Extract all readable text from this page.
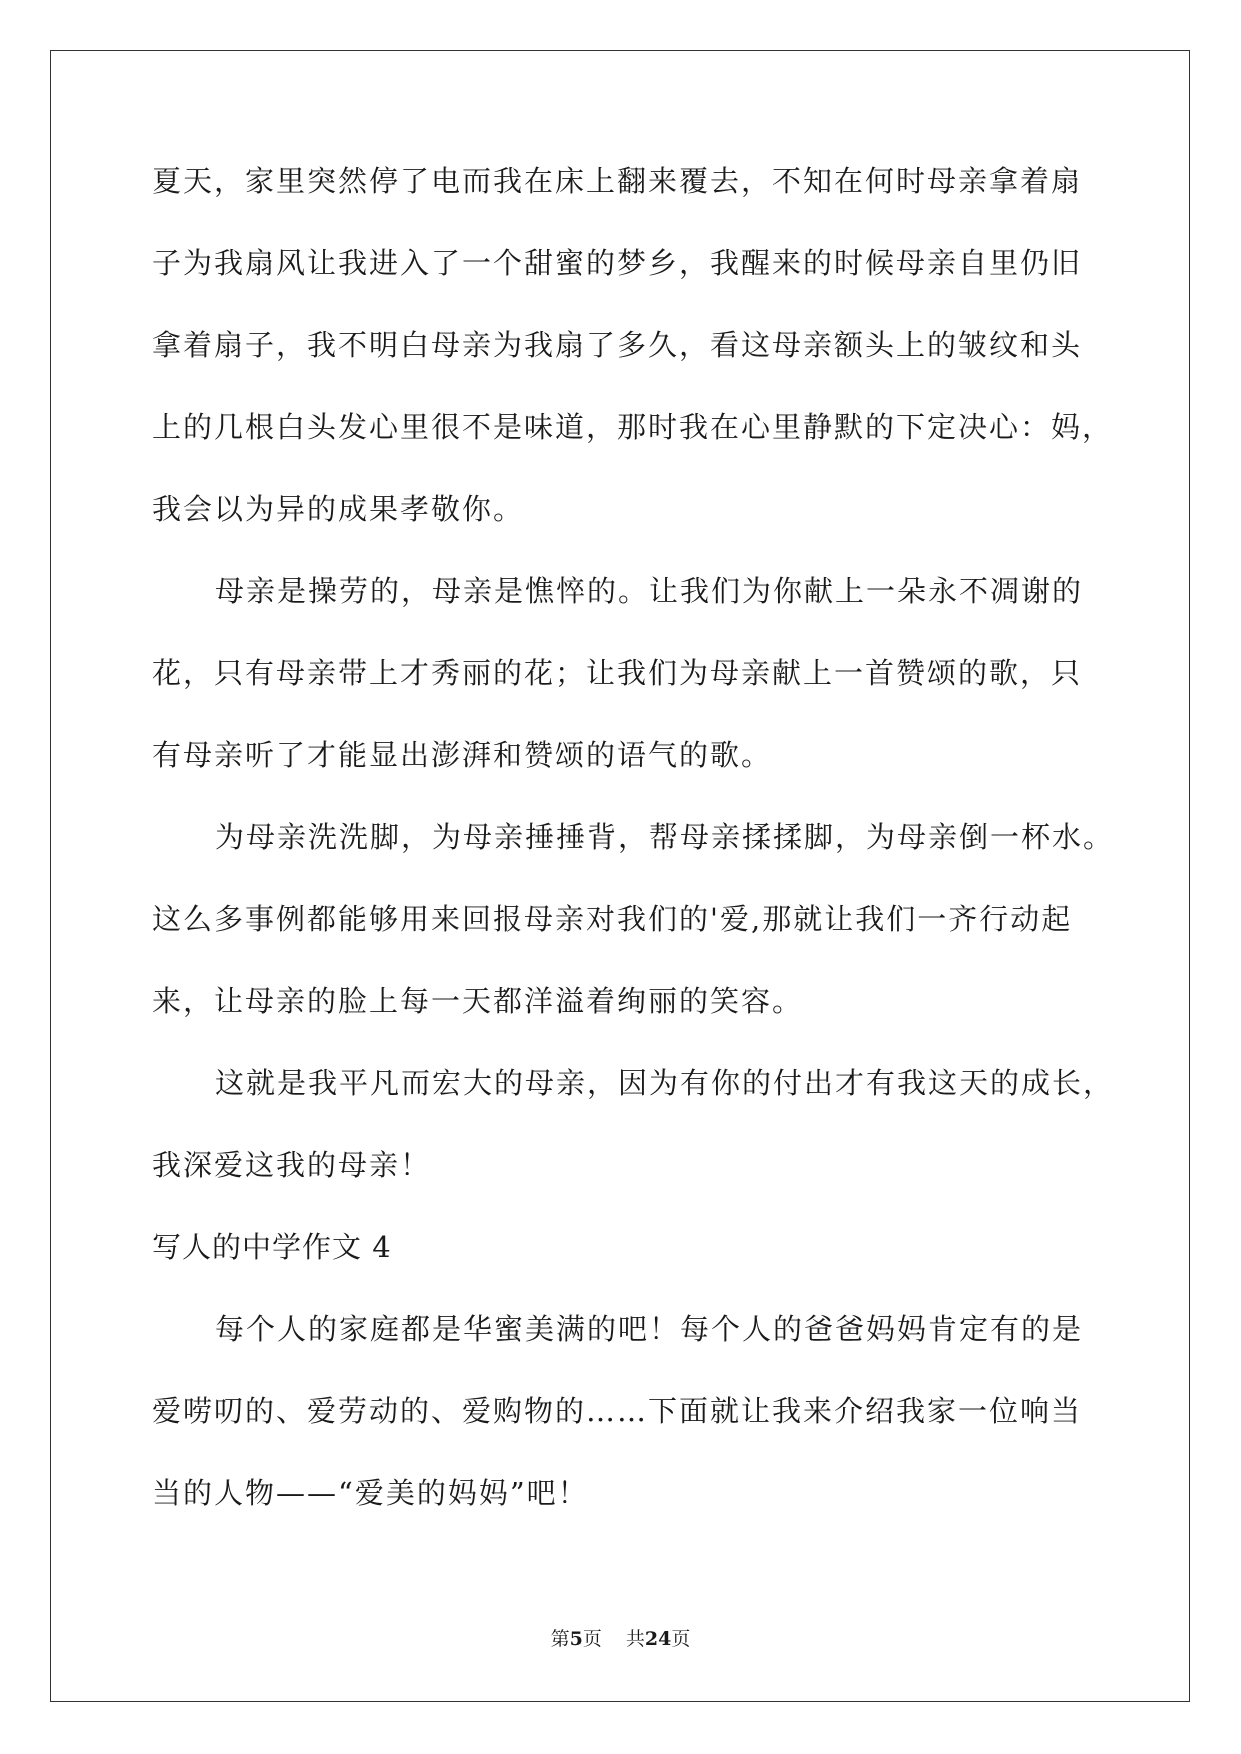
夏天，家里突然停了电而我在床上翻来覆去，不知在何时母亲拿着扇
子为我扇风让我进入了一个甜蜜的梦乡，我醒来的时候母亲自里仍旧
拿着扇子，我不明白母亲为我扇了多久，看这母亲额头上的皱纹和头
上的几根白头发心里很不是味道，那时我在心里静默的下定决心：妈，
我会以为异的成果孝敬你。
母亲是操劳的，母亲是憔悴的。让我们为你献上一朵永不凋谢的
花，只有母亲带上才秀丽的花；让我们为母亲献上一首赞颂的歌，只
有母亲听了才能显出澎湃和赞颂的语气的歌。
为母亲洗洗脚，为母亲捶捶背，帮母亲揉揉脚，为母亲倒一杯水。
这么多事例都能够用来回报母亲对我们的'爱,那就让我们一齐行动起
来，让母亲的脸上每一天都洋溢着绚丽的笑容。
这就是我平凡而宏大的母亲，因为有你的付出才有我这天的成长，
我深爱这我的母亲！
写人的中学作文 4
每个人的家庭都是华蜜美满的吧！每个人的爸爸妈妈肯定有的是
爱唠叨的、爱劳动的、爱购物的……下面就让我来介绍我家一位响当
当的人物——“爱美的妈妈”吧！
第5页 共24页
